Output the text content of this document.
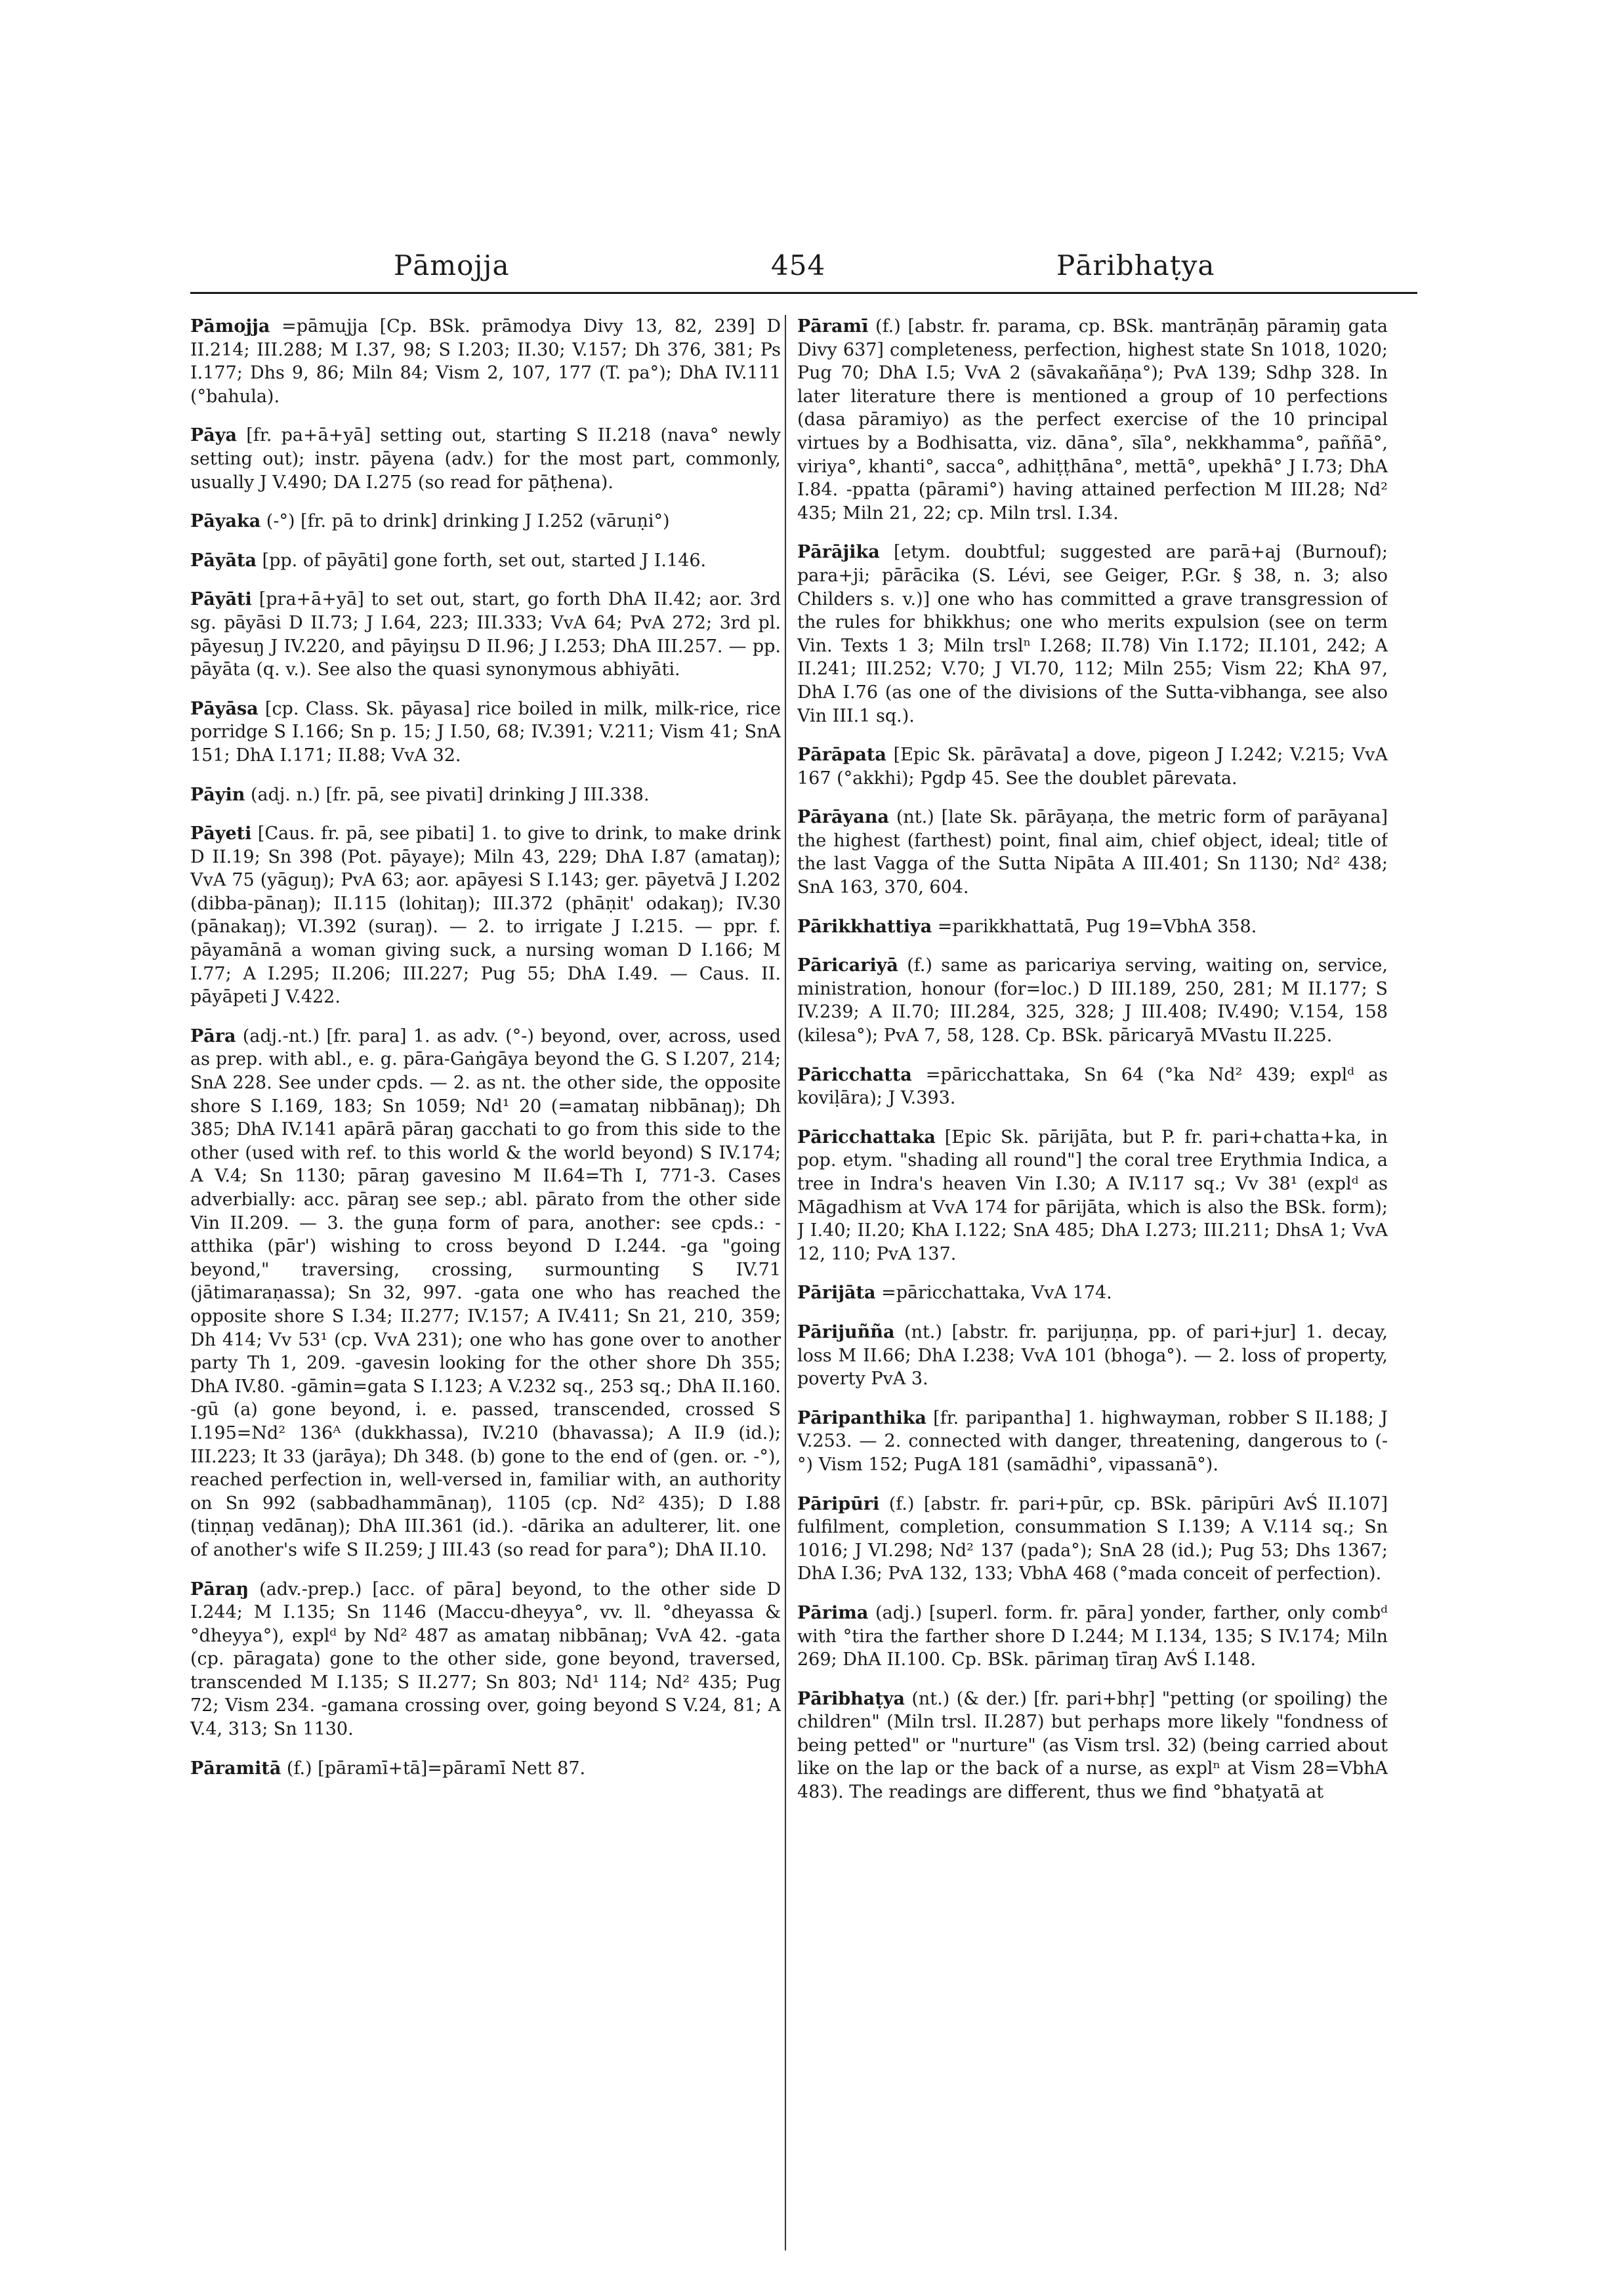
Pāmojja	454	Pāribhaṭya

Pāmojja =pāmujja [Cp. BSk. prāmodya Divy 13, 82, 239] D II.214; III.288; M I.37, 98; S I.203; II.30; V.157; Dh 376, 381; Ps I.177; Dhs 9, 86; Miln 84; Vism 2, 107, 177 (T. pa°); DhA IV.111 (°bahula).

Pāya [fr. pa+ā+yā] setting out, starting S II.218 (nava° newly setting out); instr. pāyena (adv.) for the most part, commonly, usually J V.490; DA I.275 (so read for pāṭhena).

Pāyaka (-°) [fr. pā to drink] drinking J I.252 (vāruṇi°)

Pāyāta [pp. of pāyāti] gone forth, set out, started J I.146.

Pāyāti [pra+ā+yā] to set out, start, go forth DhA II.42; aor. 3rd sg. pāyāsi D II.73; J I.64, 223; III.333; VvA 64; PvA 272; 3rd pl. pāyesuŋ J IV.220, and pāyiŋsu D II.96; J I.253; DhA III.257. — pp. pāyāta (q. v.). See also the quasi synonymous abhiyāti.

Pāyāsa [cp. Class. Sk. pāyasa] rice boiled in milk, milk-rice, rice porridge S I.166; Sn p. 15; J I.50, 68; IV.391; V.211; Vism 41; SnA 151; DhA I.171; II.88; VvA 32.

Pāyin (adj. n.) [fr. pā, see pivati] drinking J III.338.

Pāyeti [Caus. fr. pā, see pibati] 1. to give to drink, to make drink D II.19; Sn 398 (Pot. pāyaye); Miln 43, 229; DhA I.87 (amataŋ); VvA 75 (yāguŋ); PvA 63; aor. apāyesi S I.143; ger. pāyetvā J I.202 (dibba-pānaŋ); II.115 (lohitaŋ); III.372 (phāṇit' odakaŋ); IV.30 (pānakaŋ); VI.392 (suraŋ). — 2. to irrigate J I.215. — ppr. f. pāyamānā a woman giving suck, a nursing woman D I.166; M I.77; A I.295; II.206; III.227; Pug 55; DhA I.49. — Caus. II. pāyāpeti J V.422.

Pāra (adj.-nt.) [fr. para] 1. as adv. (°-) beyond, over, across, used as prep. with abl., e. g. pāra-Gaṅgāya beyond the G. S I.207, 214; SnA 228. See under cpds. — 2. as nt. the other side, the opposite shore S I.169, 183; Sn 1059; Nd¹ 20 (=amataŋ nibbānaŋ); Dh 385; DhA IV.141 apārā pāraŋ gacchati to go from this side to the other (used with ref. to this world & the world beyond) S IV.174; A V.4; Sn 1130; pāraŋ gavesino M II.64=Th I, 771-3. Cases adverbially: acc. pāraŋ see sep.; abl. pārato from the other side Vin II.209. — 3. the guṇa form of para, another: see cpds.: -atthika (pār') wishing to cross beyond D I.244. -ga "going beyond," traversing, crossing, surmounting S IV.71 (jātimaraṇassa); Sn 32, 997. -gata one who has reached the opposite shore S I.34; II.277; IV.157; A IV.411; Sn 21, 210, 359; Dh 414; Vv 53¹ (cp. VvA 231); one who has gone over to another party Th 1, 209. -gavesin looking for the other shore Dh 355; DhA IV.80. -gāmin=gata S I.123; A V.232 sq., 253 sq.; DhA II.160. -gū (a) gone beyond, i. e. passed, transcended, crossed S I.195=Nd² 136ᴬ (dukkhassa), IV.210 (bhavassa); A II.9 (id.); III.223; It 33 (jarāya); Dh 348. (b) gone to the end of (gen. or. -°), reached perfection in, well-versed in, familiar with, an authority on Sn 992 (sabbadhammānaŋ), 1105 (cp. Nd² 435); D I.88 (tiṇṇaŋ vedānaŋ); DhA III.361 (id.). -dārika an adulterer, lit. one of another's wife S II.259; J III.43 (so read for para°); DhA II.10.

Pāraŋ (adv.-prep.) [acc. of pāra] beyond, to the other side D I.244; M I.135; Sn 1146 (Maccu-dheyya°, vv. ll. °dheyassa & °dheyya°), explᵈ by Nd² 487 as amataŋ nibbānaŋ; VvA 42. -gata (cp. pāragata) gone to the other side, gone beyond, traversed, transcended M I.135; S II.277; Sn 803; Nd¹ 114; Nd² 435; Pug 72; Vism 234. -gamana crossing over, going beyond S V.24, 81; A V.4, 313; Sn 1130.

Pāramitā (f.) [pāramī+tā]=pāramī Nett 87.

Pāramī (f.) [abstr. fr. parama, cp. BSk. mantrāṇāŋ pāramiŋ gata Divy 637] completeness, perfection, highest state Sn 1018, 1020; Pug 70; DhA I.5; VvA 2 (sāvakañāṇa°); PvA 139; Sdhp 328. In later literature there is mentioned a group of 10 perfections (dasa pāramiyo) as the perfect exercise of the 10 principal virtues by a Bodhisatta, viz. dāna°, sīla°, nekkhamma°, paññā°, viriya°, khanti°, sacca°, adhiṭṭhāna°, mettā°, upekhā° J I.73; DhA I.84. -ppatta (pārami°) having attained perfection M III.28; Nd² 435; Miln 21, 22; cp. Miln trsl. I.34.

Pārājika [etym. doubtful; suggested are parā+aj (Burnouf); para+ji; pārācika (S. Lévi, see Geiger, P.Gr. § 38, n. 3; also Childers s. v.)] one who has committed a grave transgression of the rules for bhikkhus; one who merits expulsion (see on term Vin. Texts 1 3; Miln trslⁿ I.268; II.78) Vin I.172; II.101, 242; A II.241; III.252; V.70; J VI.70, 112; Miln 255; Vism 22; KhA 97, DhA I.76 (as one of the divisions of the Sutta-vibhanga, see also Vin III.1 sq.).

Pārāpata [Epic Sk. pārāvata] a dove, pigeon J I.242; V.215; VvA 167 (°akkhi); Pgdp 45. See the doublet pārevata.

Pārāyana (nt.) [late Sk. pārāyaṇa, the metric form of parāyana] the highest (farthest) point, final aim, chief object, ideal; title of the last Vagga of the Sutta Nipāta A III.401; Sn 1130; Nd² 438; SnA 163, 370, 604.

Pārikkhattiya =parikkhattatā, Pug 19=VbhA 358.

Pāricariyā (f.) same as paricariya serving, waiting on, service, ministration, honour (for=loc.) D III.189, 250, 281; M II.177; S IV.239; A II.70; III.284, 325, 328; J III.408; IV.490; V.154, 158 (kilesa°); PvA 7, 58, 128. Cp. BSk. pāricaryā MVastu II.225.

Pāricchatta =pāricchattaka, Sn 64 (°ka Nd² 439; explᵈ as koviḷāra); J V.393.

Pāricchattaka [Epic Sk. pārijāta, but P. fr. pari+chatta+ka, in pop. etym. "shading all round"] the coral tree Erythmia Indica, a tree in Indra's heaven Vin I.30; A IV.117 sq.; Vv 38¹ (explᵈ as Māgadhism at VvA 174 for pārijāta, which is also the BSk. form); J I.40; II.20; KhA I.122; SnA 485; DhA I.273; III.211; DhsA 1; VvA 12, 110; PvA 137.

Pārijāta =pāricchattaka, VvA 174.

Pārijuñña (nt.) [abstr. fr. parijuṇṇa, pp. of pari+jur] 1. decay, loss M II.66; DhA I.238; VvA 101 (bhoga°). — 2. loss of property, poverty PvA 3.

Pāripanthika [fr. paripantha] 1. highwayman, robber S II.188; J V.253. — 2. connected with danger, threatening, dangerous to (-°) Vism 152; PugA 181 (samādhi°, vipassanā°).

Pāripūri (f.) [abstr. fr. pari+pūr, cp. BSk. pāripūri AvŚ II.107] fulfilment, completion, consummation S I.139; A V.114 sq.; Sn 1016; J VI.298; Nd² 137 (pada°); SnA 28 (id.); Pug 53; Dhs 1367; DhA I.36; PvA 132, 133; VbhA 468 (°mada conceit of perfection).

Pārima (adj.) [superl. form. fr. pāra] yonder, farther, only combᵈ with °tira the farther shore D I.244; M I.134, 135; S IV.174; Miln 269; DhA II.100. Cp. BSk. pārimaŋ tīraŋ AvŚ I.148.

Pāribhaṭya (nt.) (& der.) [fr. pari+bhṛ] "petting (or spoiling) the children" (Miln trsl. II.287) but perhaps more likely "fondness of being petted" or "nurture" (as Vism trsl. 32) (being carried about like on the lap or the back of a nurse, as explⁿ at Vism 28=VbhA 483). The readings are different, thus we find °bhaṭyatā at
